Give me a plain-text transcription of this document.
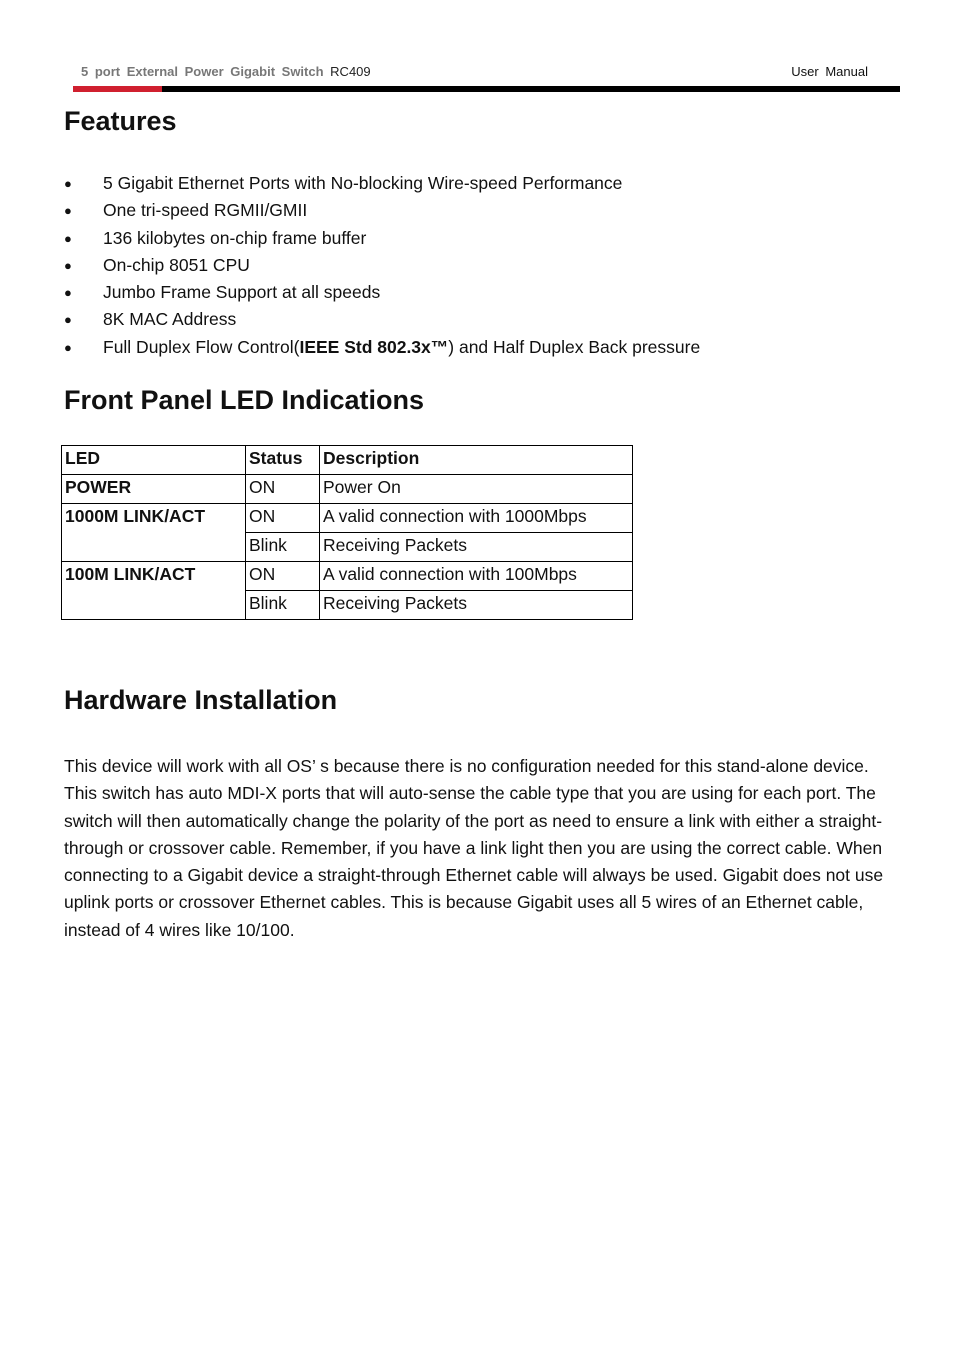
5 port External Power Gigabit Switch RC409	User Manual
Features
● 5 Gigabit Ethernet Ports with No-blocking Wire-speed Performance
● One tri-speed RGMII/GMII
● 136 kilobytes on-chip frame buffer
● On-chip 8051 CPU
● Jumbo Frame Support at all speeds
● 8K MAC Address
● Full Duplex Flow Control(IEEE Std 802.3x™) and Half Duplex Back pressure
Front Panel LED Indications
LED	Status	Description
POWER	ON	Power On
1000M LINK/ACT	ON	A valid connection with 1000Mbps
	Blink	Receiving Packets
100M LINK/ACT	ON	A valid connection with 100Mbps
	Blink	Receiving Packets
Hardware Installation

This device will work with all OS’ s because there is no configuration needed for this stand-alone device. This switch has auto MDI-X ports that will auto-sense the cable type that you are using for each port. The switch will then automatically change the polarity of the port as need to ensure a link with either a straight-through or crossover cable. Remember, if you have a link light then you are using the correct cable. When connecting to a Gigabit device a straight-through Ethernet cable will always be used. Gigabit does not use uplink ports or crossover Ethernet cables. This is because Gigabit uses all 5 wires of an Ethernet cable, instead of 4 wires like 10/100.
